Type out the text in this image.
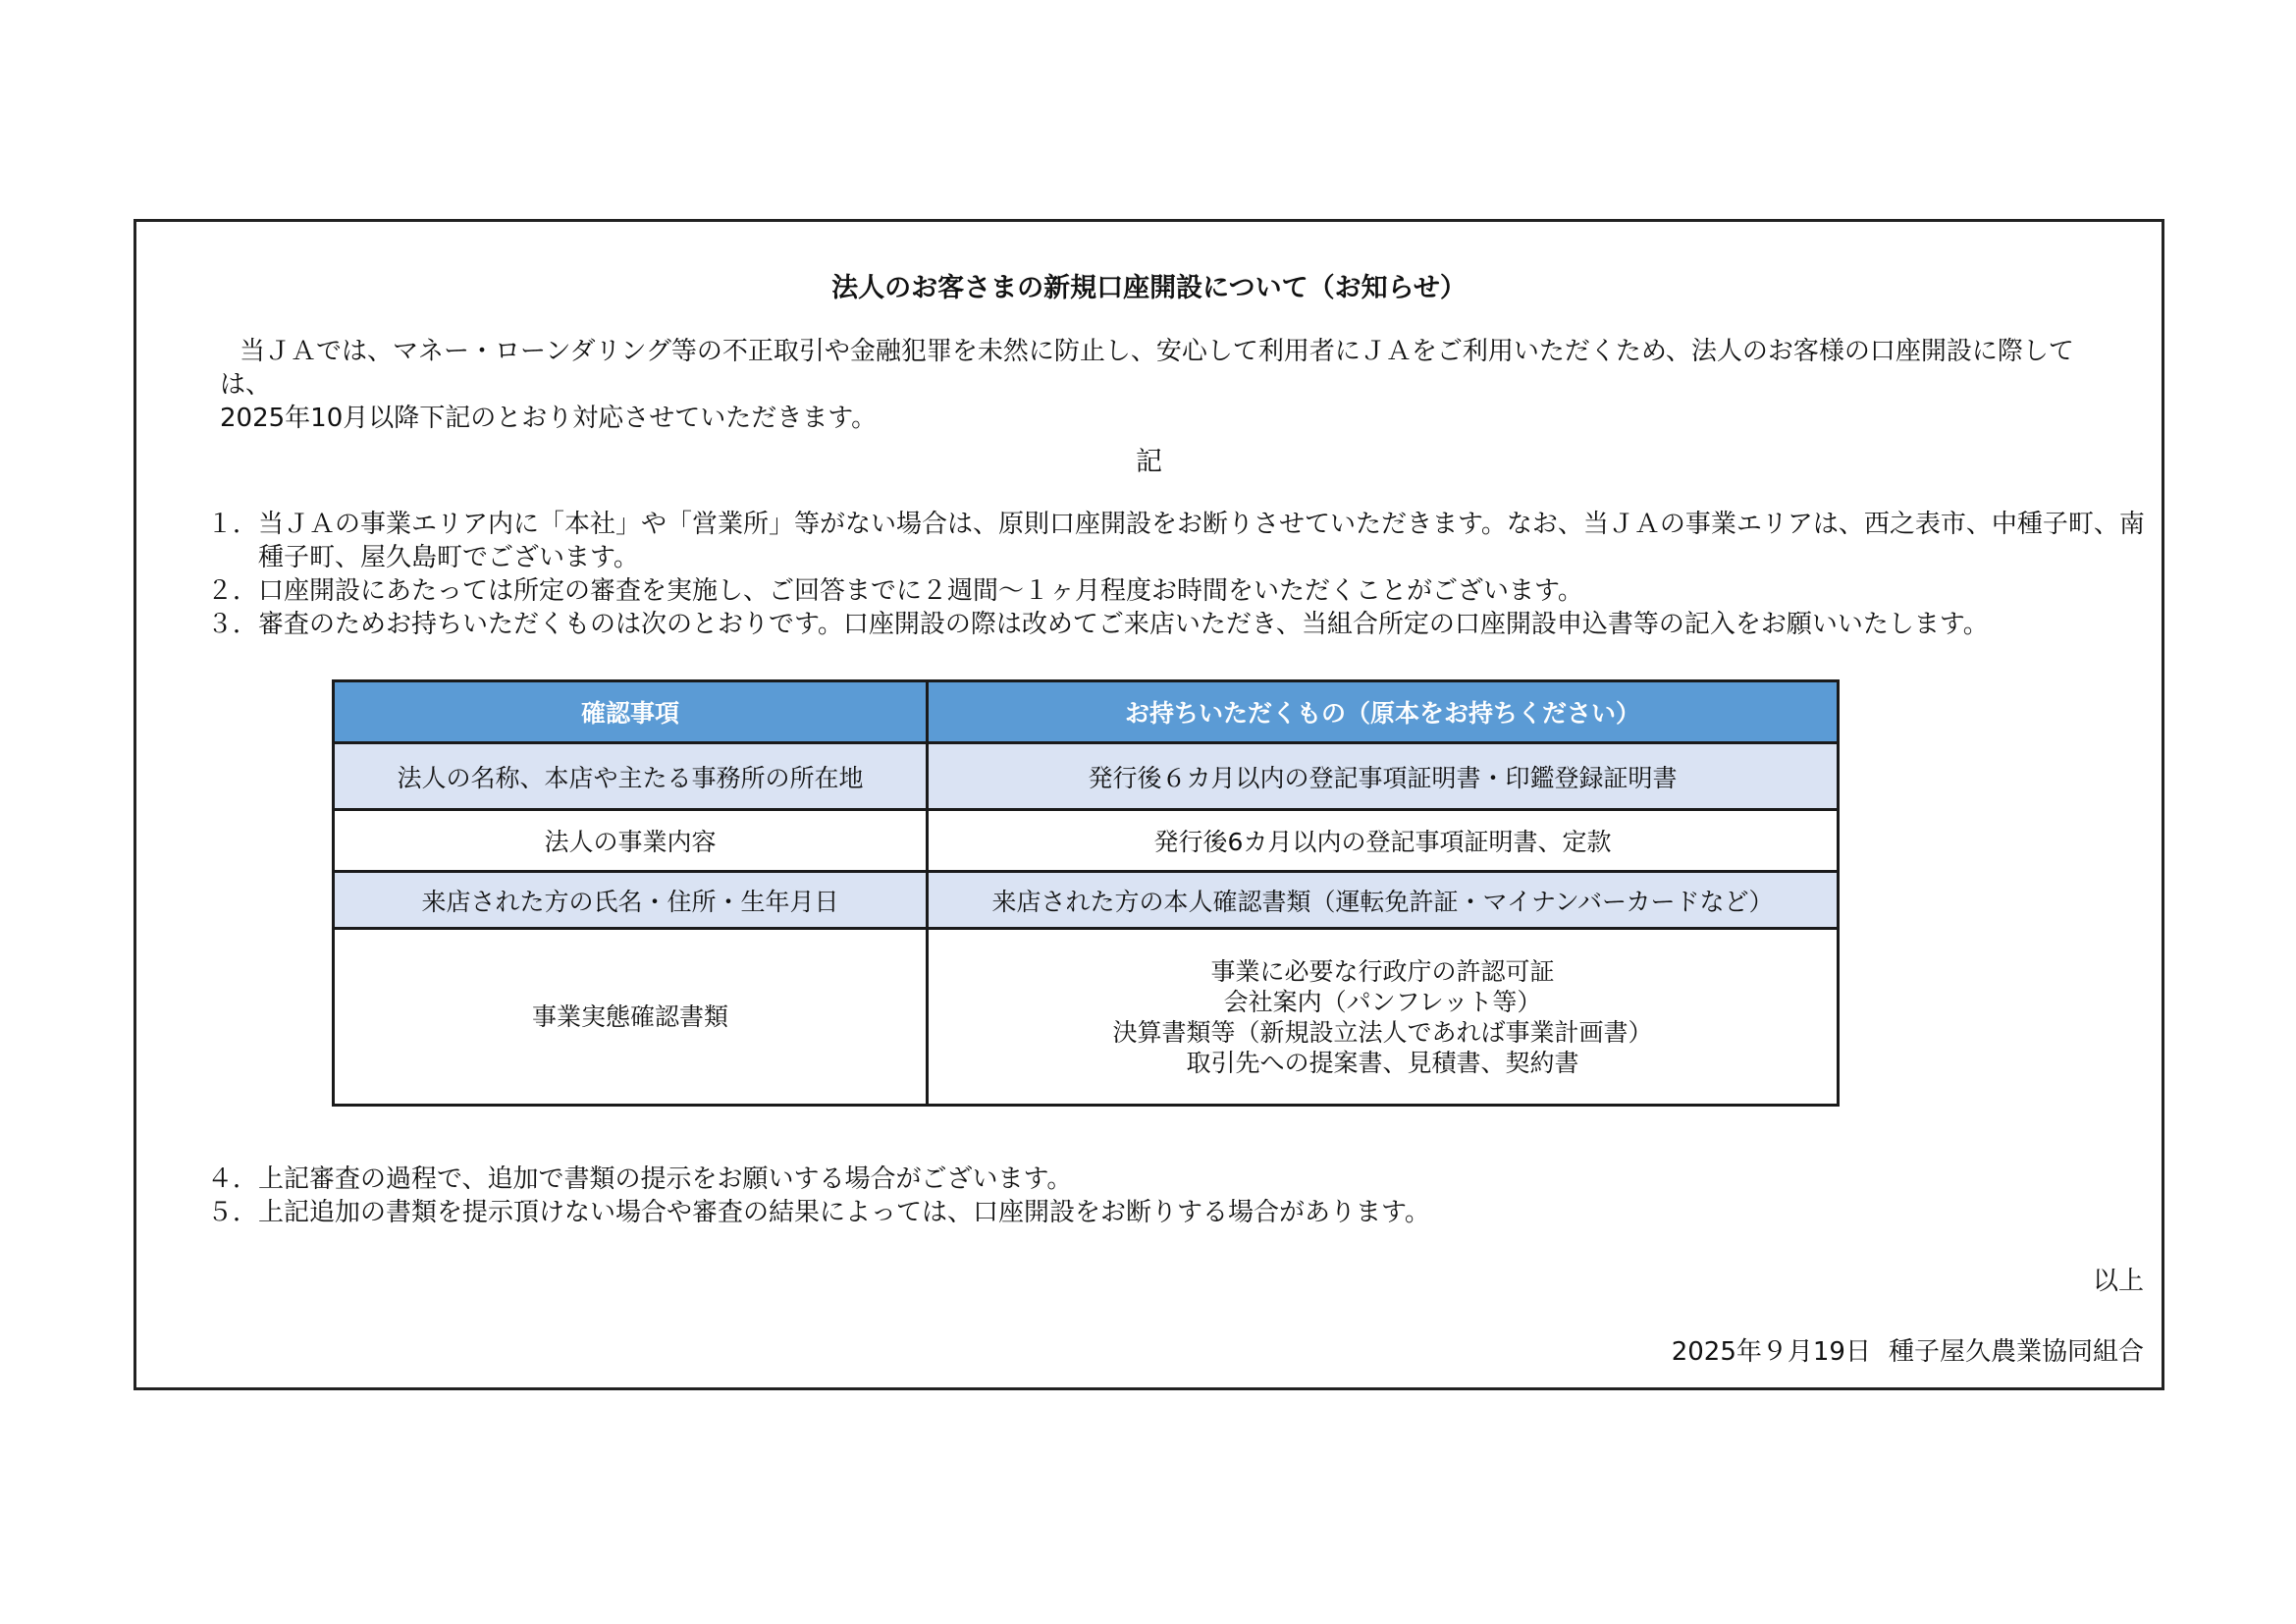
法人のお客さまの新規口座開設について（お知らせ）

当ＪＡでは、マネー・ローンダリング等の不正取引や金融犯罪を未然に防止し、安心して利用者にＪＡをご利用いただくため、法人のお客様の口座開設に際しては、
2025年10月以降下記のとおり対応させていただきます。

記

１． 当ＪＡの事業エリア内に「本社」や「営業所」等がない場合は、原則口座開設をお断りさせていただきます。なお、当ＪＡの事業エリアは、西之表市、中種子町、南種子町、屋久島町でございます。
２． 口座開設にあたっては所定の審査を実施し、ご回答までに２週間～１ヶ月程度お時間をいただくことがございます。
３． 審査のためお持ちいただくものは次のとおりです。口座開設の際は改めてご来店いただき、当組合所定の口座開設申込書等の記入をお願いいたします。
確認事項	お持ちいただくもの（原本をお持ちください）
法人の名称、本店や主たる事務所の所在地	発行後６カ月以内の登記事項証明書・印鑑登録証明書
法人の事業内容	発行後6カ月以内の登記事項証明書、定款
来店された方の氏名・住所・生年月日	来店された方の本人確認書類（運転免許証・マイナンバーカードなど）
事業実態確認書類	事業に必要な行政庁の許認可証
会社案内（パンフレット等）
決算書類等（新規設立法人であれば事業計画書）
取引先への提案書、見積書、契約書
４． 上記審査の過程で、追加で書類の提示をお願いする場合がございます。
５． 上記追加の書類を提示頂けない場合や審査の結果によっては、口座開設をお断りする場合があります。

以上

2025年９月19日 種子屋久農業協同組合
